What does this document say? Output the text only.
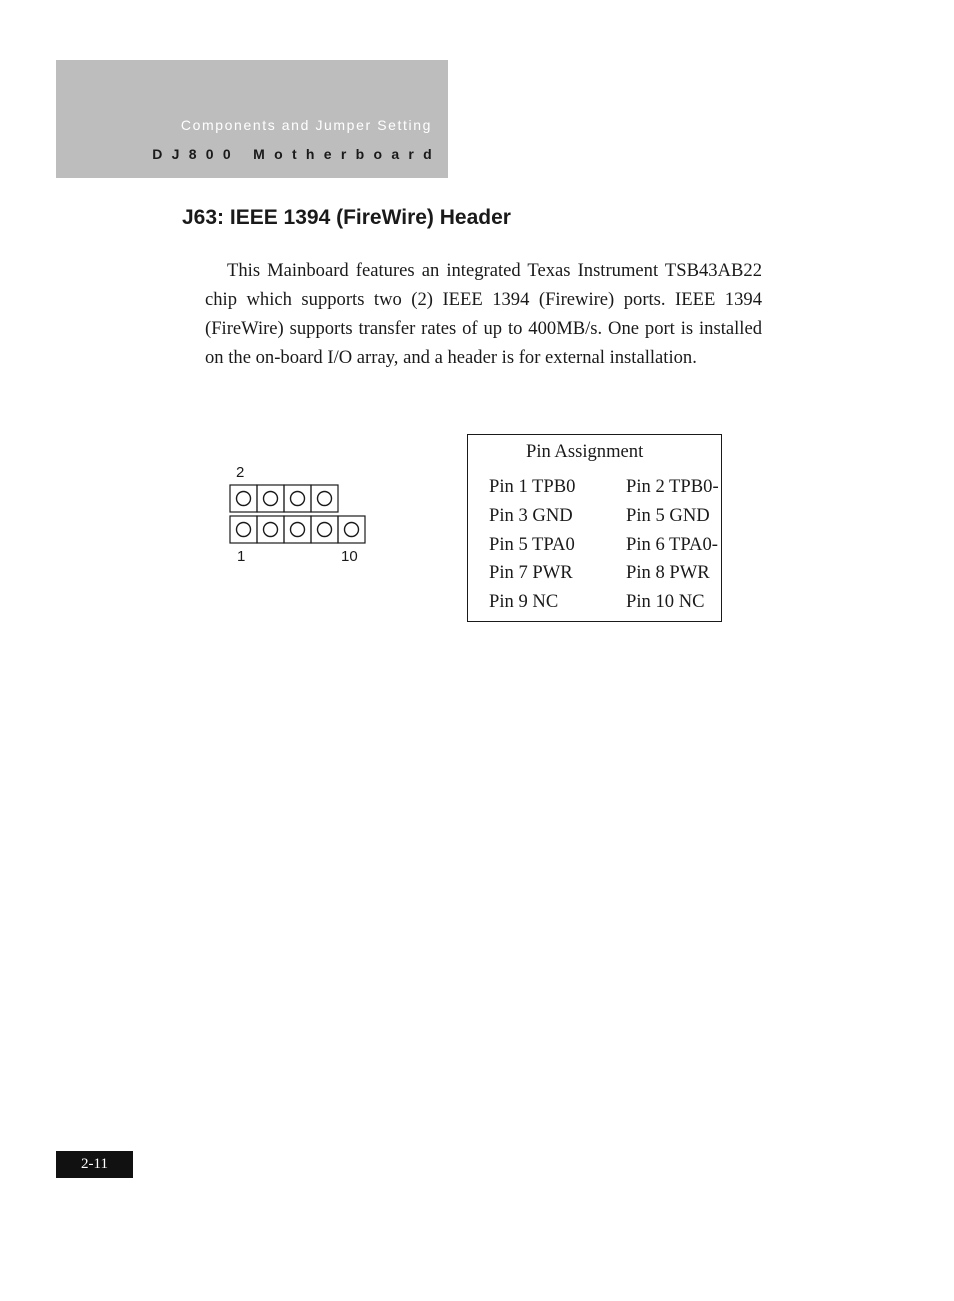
Components and Jumper Setting
DJ800 Motherboard
J63: IEEE 1394 (FireWire) Header

This Mainboard features an integrated Texas Instrument TSB43AB22 chip which supports two (2) IEEE 1394 (Firewire) ports. IEEE 1394 (FireWire) supports transfer rates of up to 400MB/s. One port is installed on the on-board I/O array, and a header is for external installation.

2
1	10
Pin Assignment
Pin 1 TPB0	Pin 2 TPB0-
Pin 3 GND	Pin 5 GND
Pin 5 TPA0	Pin 6 TPA0-
Pin 7 PWR	Pin 8 PWR
Pin 9 NC	Pin 10 NC
2-11
